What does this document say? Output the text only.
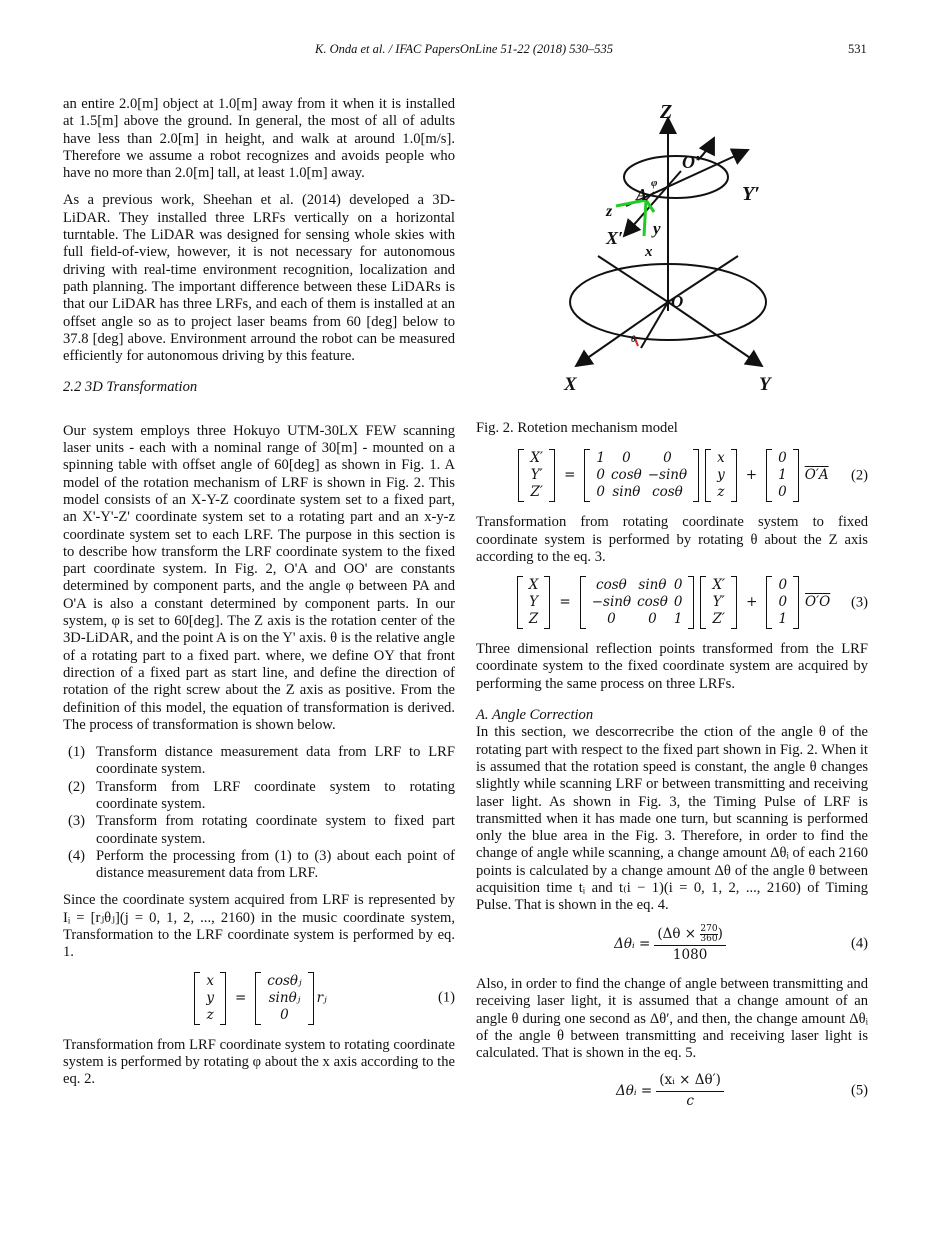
K. Onda et al. / IFAC PapersOnLine 51-22 (2018) 530–535	531

an entire 2.0[m] object at 1.0[m] away from it when it is installed at 1.5[m] above the ground. In general, the most of all of adults have less than 2.0[m] in height, and walk at around 1.0[m/s]. Therefore we assume a robot recognizes and avoids people who have no more than 2.0[m] tall, at least 1.0[m] away.

As a previous work, Sheehan et al. (2014) developed a 3D-LiDAR. They installed three LRFs vertically on a horizontal turntable. The LiDAR was designed for sensing whole skies with full field-of-view, however, it is not necessary for autonomous driving with real-time environment recognition, localization and path planning. The important difference between these LiDARs is that our LiDAR has three LRFs, and each of them is installed at an offset angle so as to project laser beams from 60 [deg] below to 37.8 [deg] above. Environment arround the robot can be measured efficiently for autonomous driving by this feature.

2.2 3D Transformation

Our system employs three Hokuyo UTM-30LX FEW scanning laser units - each with a nominal range of 30[m] - mounted on a spinning table with offset angle of 60[deg] as shown in Fig. 1. A model of the rotation mechanism of LRF is shown in Fig. 2. This model consists of an X-Y-Z coordinate system set to a fixed part, an X'-Y'-Z' coordinate system set to a rotating part and an x-y-z coordinate system set to each LRF. The purpose in this section is to describe how transform the LRF coordinate system to the fixed part coordinate system. In Fig. 2, O'A and OO' are constants determined by component parts, and the angle φ between PA and O'A is also a constant determined by component parts. In our system, φ is set to 60[deg]. The Z axis is the rotation center of the 3D-LiDAR, and the point A is on the Y' axis. θ is the relative angle of a rotating part to a fixed part. where, we define OY that front direction of a fixed part as start line, and define the direction of rotation of the right screw about the Z axis as positive. From the definition of this model, the equation of transformation is derived. The process of transformation is shown below.

(1) Transform distance measurement data from LRF to LRF coordinate system.
(2) Transform from LRF coordinate system to rotating coordinate system.
(3) Transform from rotating coordinate system to fixed part coordinate system.
(4) Perform the processing from (1) to (3) about each point of distance measurement data from LRF.

Since the coordinate system acquired from LRF is represented by Iᵢ = [rⱼθⱼ](j = 0, 1, 2, ..., 2160) in the music coordinate system, Transformation to the LRF coordinate system is performed by eq. 1.

x
y
z
=
cosθⱼ
sinθⱼ
0
rⱼ	(1)

Transformation from LRF coordinate system to rotating coordinate system is performed by rotating φ about the x axis according to the eq. 2.

Z
O′
Y′
A
φ
z
X′ y
x
O
θ
X	Y
Fig. 2. Rotetion mechanism model
X′
Y′
Z′
=
1	0	0
0 cosθ −sinθ
0 sinθ cosθ
x
y
z
+
0
1
0
O′A (2)

Transformation from rotating coordinate system to fixed coordinate system is performed by rotating θ about the Z axis according to the eq. 3.

X
Y
Z
=
cosθ sinθ 0
−sinθ cosθ 0
0	0	1
X′
Y′
Z′
+
0
0
1
O′O (3)

Three dimensional reflection points transformed from the LRF coordinate system to the fixed coordinate system are acquired by performing the same process on three LRFs.

A. Angle Correction

In this section, we descorrecribe the ction of the angle θ of the rotating part with respect to the fixed part shown in Fig. 2. When it is assumed that the rotation speed is constant, the angle θ changes slightly while scanning LRF or between transmitting and receiving laser light. As shown in Fig. 3, the Timing Pulse of LRF is transmitted when it has made one turn, but scanning is performed only the blue area in the Fig. 3. Therefore, in order to find the change of angle while scanning, a change amount Δθᵢ of each 2160 points is calculated by a change amount Δθ of the angle θ between acquisition time tᵢ and t₍i − 1)(i = 0, 1, 2, ..., 2160) of Timing Pulse. That is shown in the eq. 4.

Δθᵢ = $\frac{(\Delta\theta \times \frac{270}{360} )}{1080}$	(4)

Also, in order to find the change of angle between transmitting and receiving laser light, it is assumed that a change amount of an angle θ during one second as Δθ′, and then, the change amount Δθᵢ of the angle θ between transmitting and receiving laser light is calculated. That is shown in the eq. 5.

Δθᵢ = $\frac{\text{(xᵢ × Δθ′)}}{c}$	(5)
